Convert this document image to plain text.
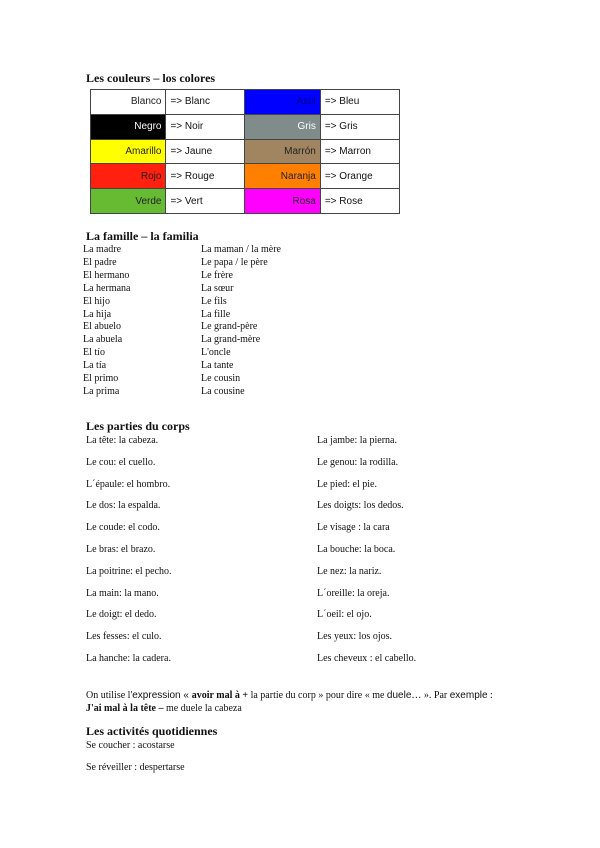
Les couleurs – los colores
Blanco	=> Blanc	Azul	=> Bleu
Negro	=> Noir	Gris	=> Gris
Amarillo	=> Jaune	Marrón	=> Marron
Rojo	=> Rouge	Naranja	=> Orange
Verde	=> Vert	Rosa	=> Rose
La famille – la familia
La madre	La maman / la mère
El padre	Le papa / le père
El hermano	Le frère
La hermana	La sœur
El hijo	Le fils
La hija	La fille
El abuelo	Le grand-père
La abuela	La grand-mère
El tío	L'oncle
La tía	La tante
El primo	Le cousin
La prima	La cousine
Les parties du corps
La tête: la cabeza.
Le cou: el cuello.
L´épaule: el hombro.
Le dos: la espalda.
Le coude: el codo.
Le bras: el brazo.
La poitrine: el pecho.
La main: la mano.
Le doigt: el dedo.
Les fesses: el culo.
La hanche: la cadera.
La jambe: la pierna.
Le genou: la rodilla.
Le pied: el pie.
Les doigts: los dedos.
Le visage : la cara
La bouche: la boca.
Le nez: la nariz.
L´oreille: la oreja.
L´oeil: el ojo.
Les yeux: los ojos.
Les cheveux : el cabello.
On utilise l'expression « avoir mal à + la partie du corp » pour dire « me duele… ». Par exemple : J'ai mal à la tête – me duele la cabeza
Les activités quotidiennes
Se coucher : acostarse
Se réveiller : despertarse
